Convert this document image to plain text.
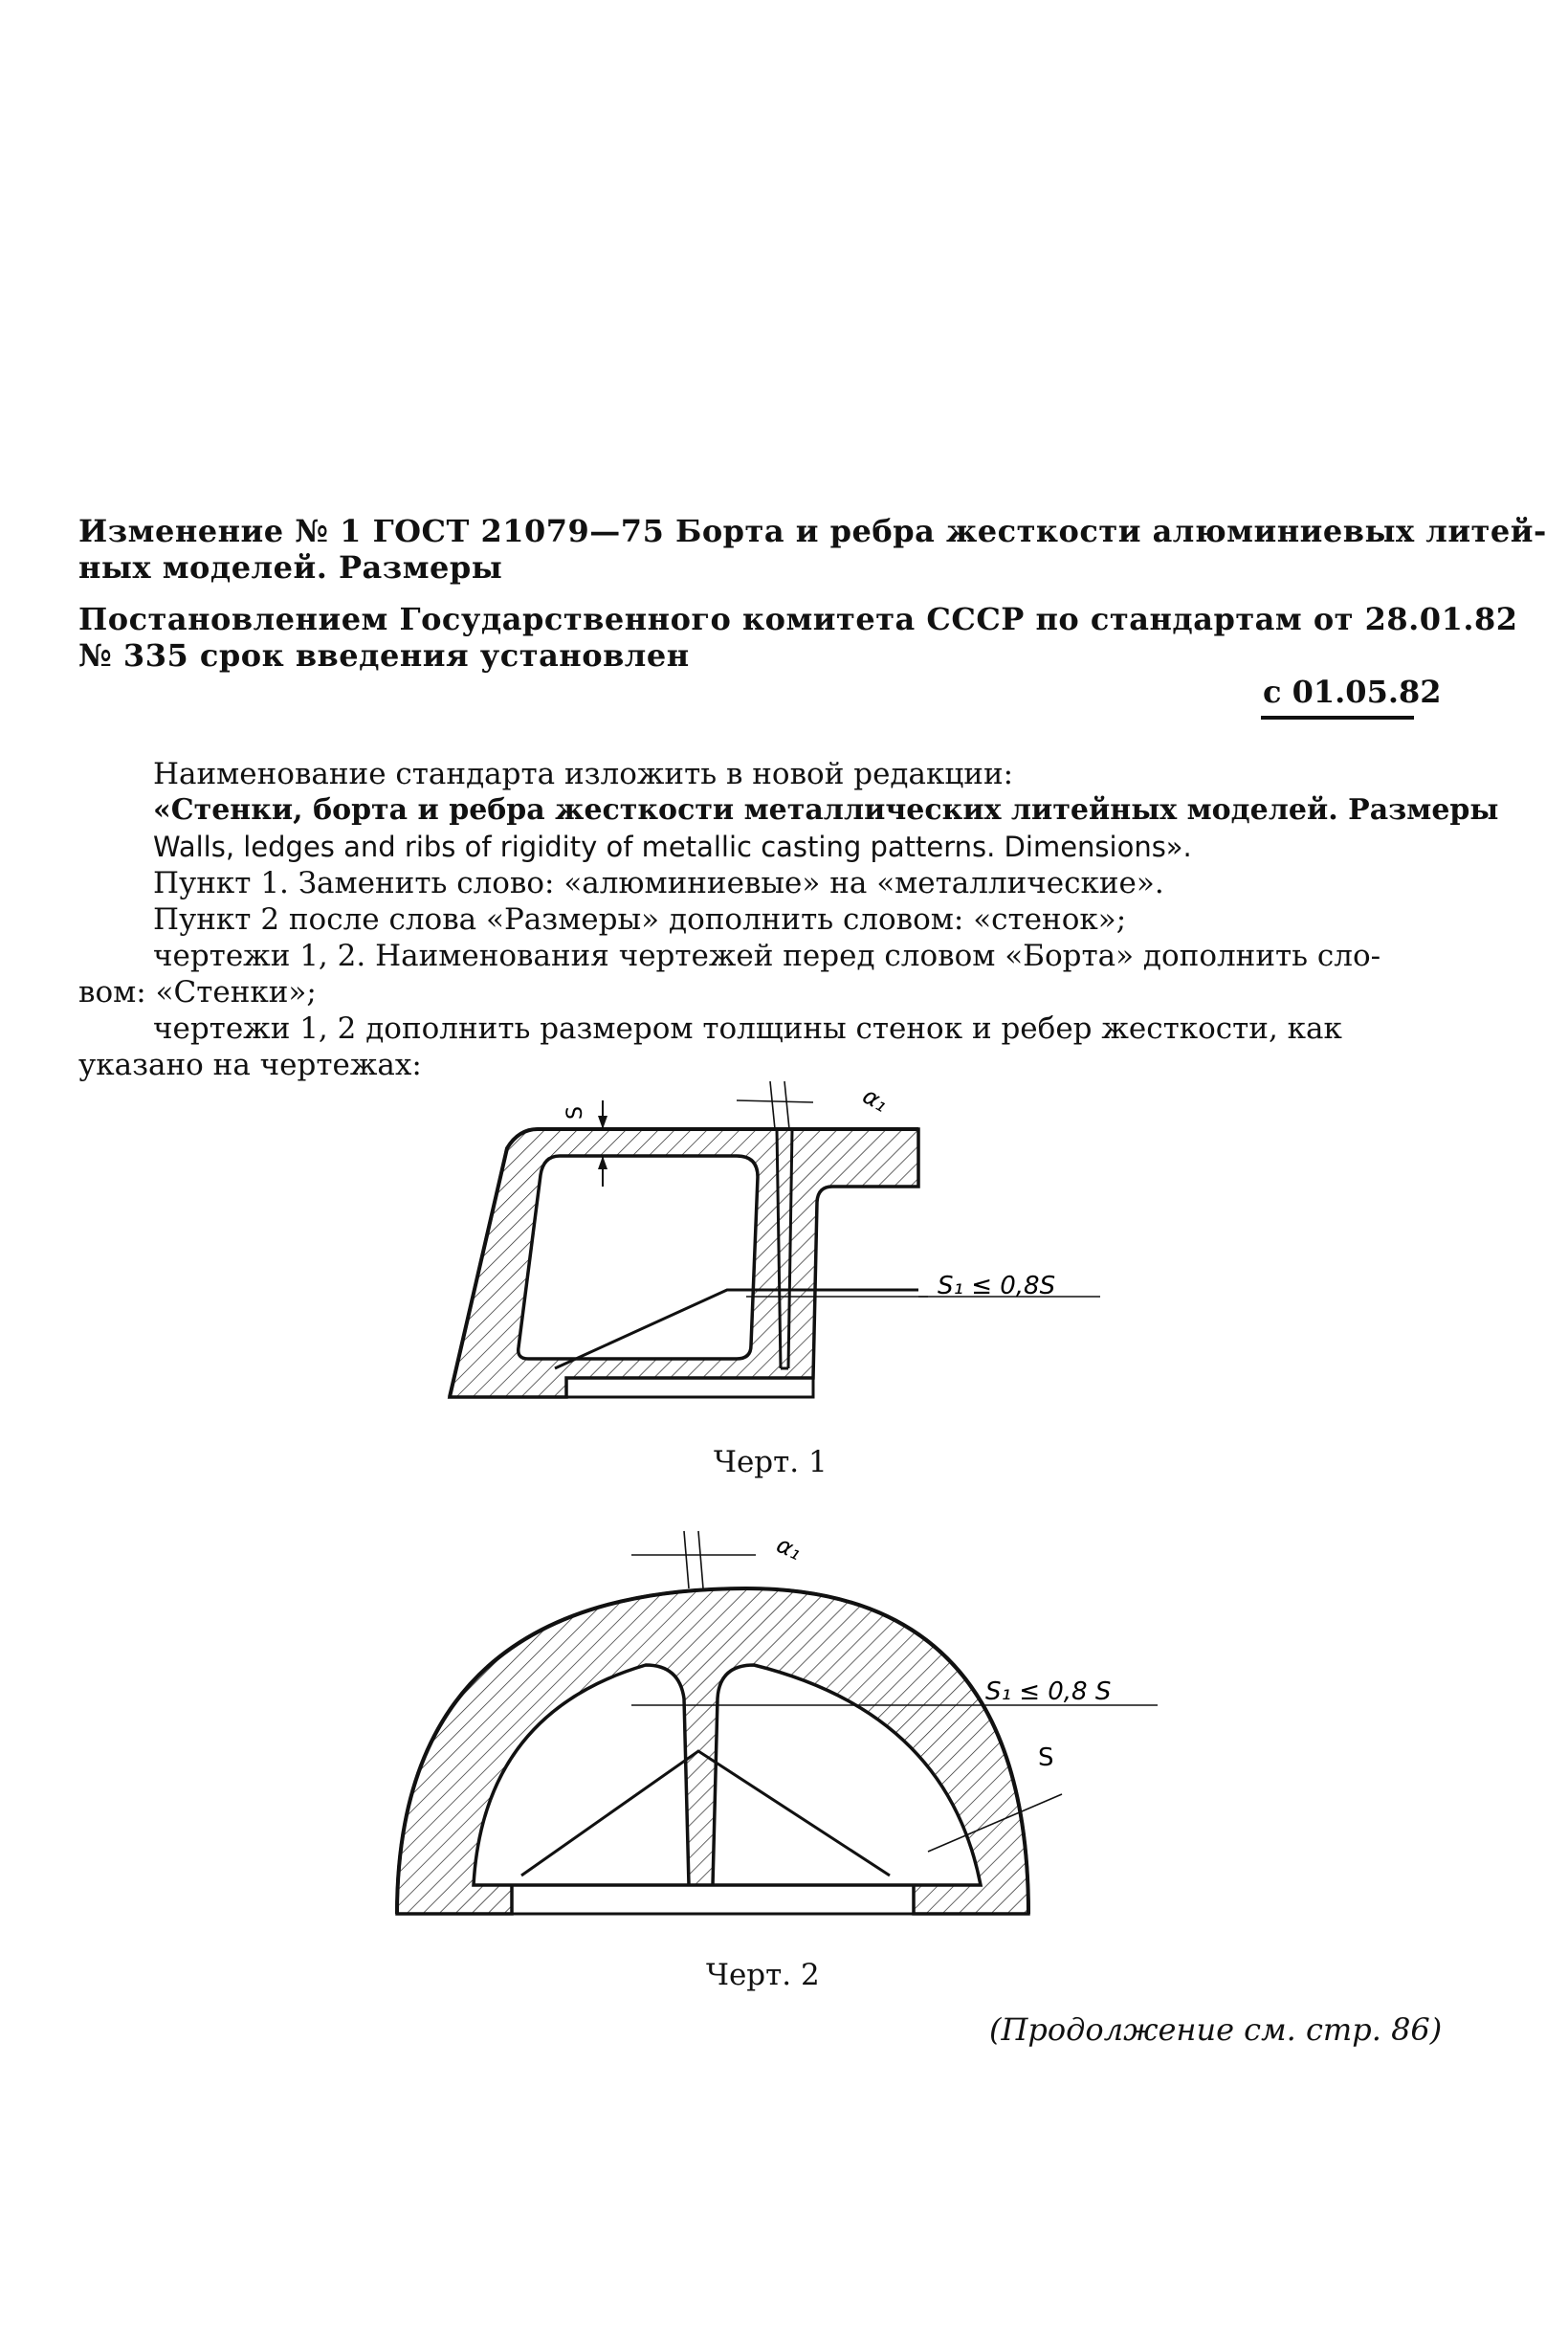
Изменение № 1 ГОСТ 21079—75 Борта и ребра жесткости алюминиевых литей-
ных моделей. Размеры
Постановлением Государственного комитета СССР по стандартам от 28.01.82
№ 335 срок введения установлен
с 01.05.82
Наименование стандарта изложить в новой редакции:
«Стенки, борта и ребра жесткости металлических литейных моделей. Размеры
Walls, ledges and ribs of rigidity of metallic casting patterns. Dimensions».
Пункт 1. Заменить слово: «алюминиевые» на «металлические».
Пункт 2 после слова «Размеры» дополнить словом: «стенок»;
чертежи 1, 2. Наименования чертежей перед словом «Борта» дополнить сло-
вом: «Стенки»;
чертежи 1, 2 дополнить размером толщины стенок и ребер жесткости, как
указано на чертежах:
S	α₁
S₁ ≤ 0,8S
Черт. 1
α₁
S₁ ≤ 0,8 S
S
Черт. 2
(Продолжение см. стр. 86)
